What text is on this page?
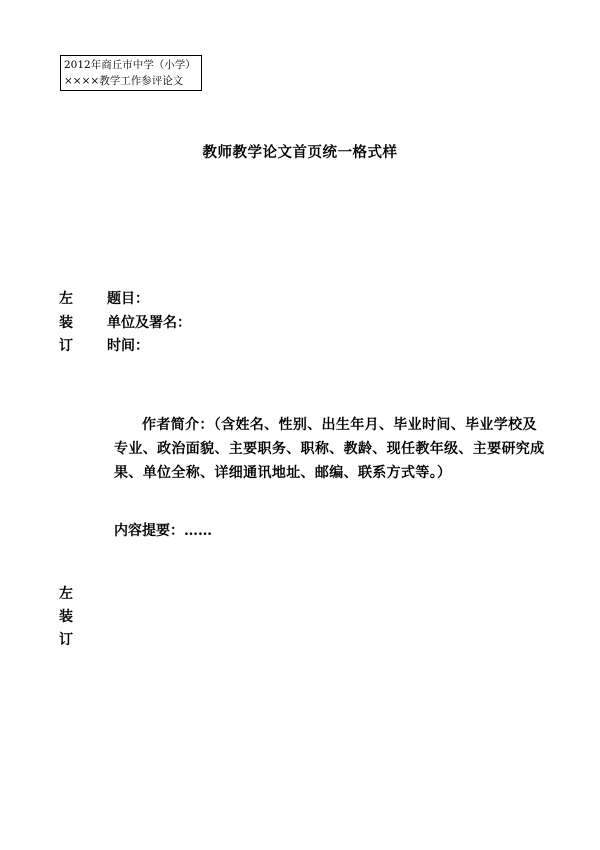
2012年商丘市中学（小学）
××××教学工作参评论文
教师教学论文首页统一格式样
左
装
订
题目：
单位及署名：
时间：
作者简介：（含姓名、性别、出生年月、毕业时间、毕业学校及
专业、政治面貌、主要职务、职称、教龄、现任教年级、主要研究成
果、单位全称、详细通讯地址、邮编、联系方式等。）
内容提要：……
左
装
订
